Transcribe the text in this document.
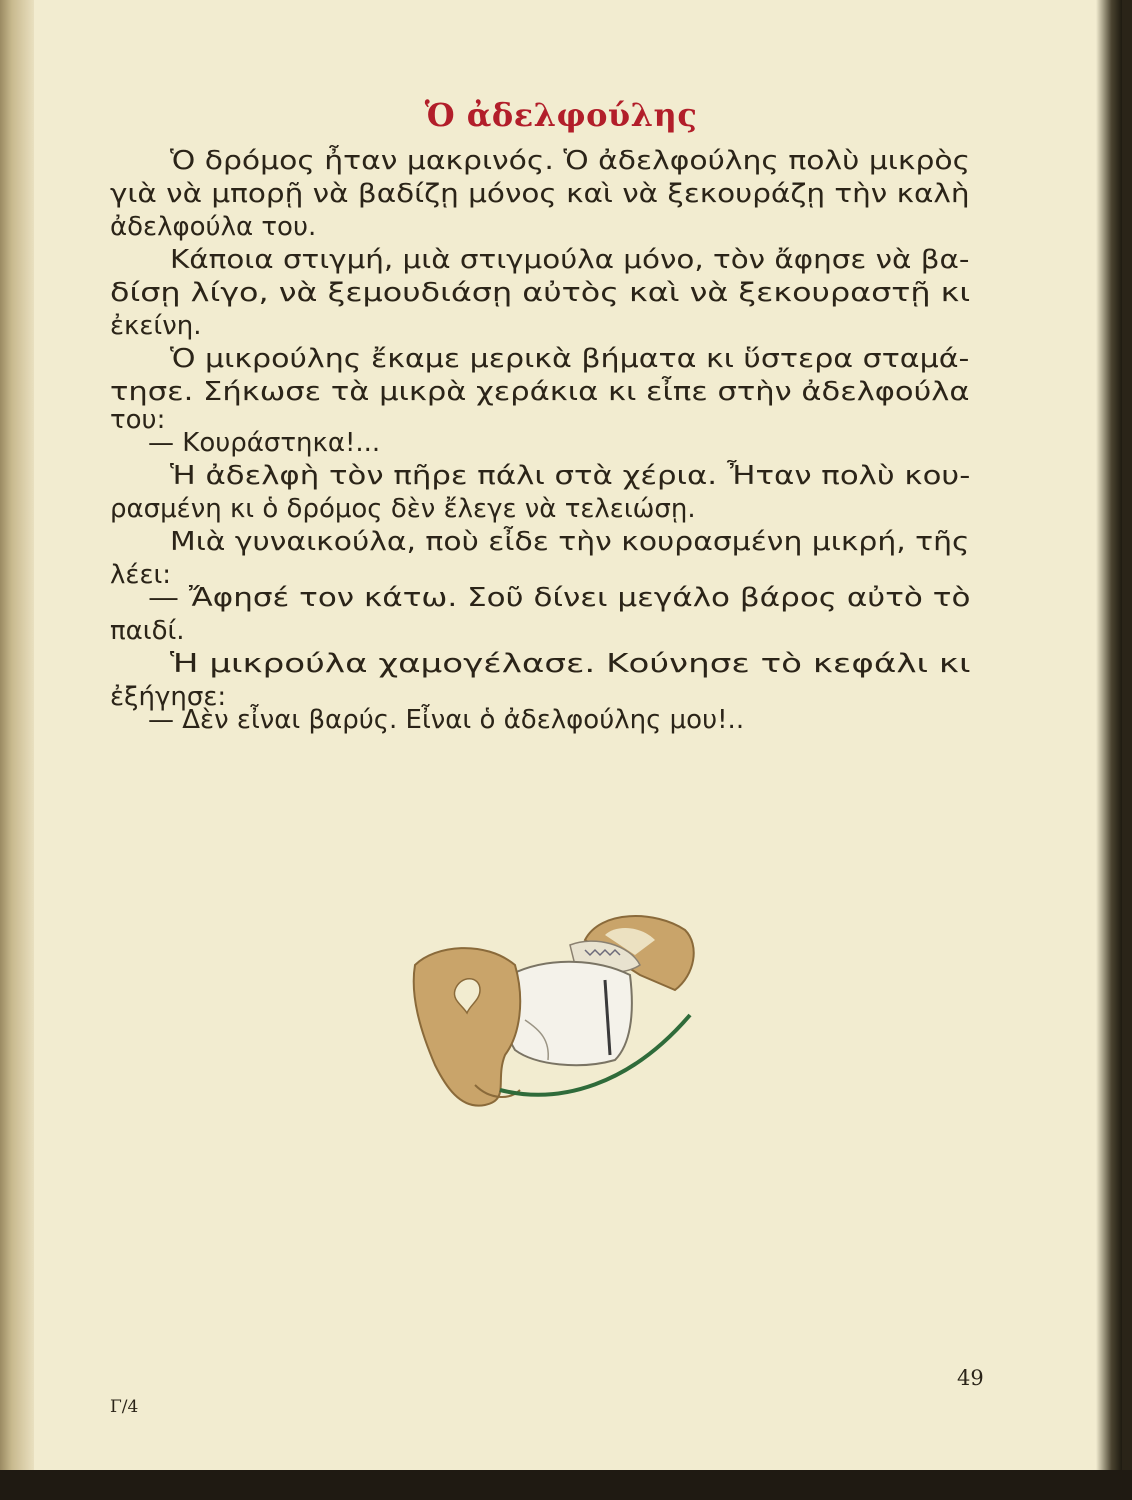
Ὁ ἀδελφούλης

Ὁ δρόμος ἦταν μακρινός. Ὁ ἀδελφούλης πολὺ μικρὸς

γιὰ νὰ μπορῇ νὰ βαδίζῃ μόνος καὶ νὰ ξεκουράζῃ τὴν καλὴ

ἀδελφούλα του.

Κάποια στιγμή, μιὰ στιγμούλα μόνο, τὸν ἄφησε νὰ βα-

δίσῃ λίγο, νὰ ξεμουδιάσῃ αὐτὸς καὶ νὰ ξεκουραστῇ κι

ἐκείνη.

Ὁ μικρούλης ἔκαμε μερικὰ βήματα κι ὕστερα σταμά-

τησε. Σήκωσε τὰ μικρὰ χεράκια κι εἶπε στὴν ἀδελφούλα

του:

— Κουράστηκα!...

Ἡ ἀδελφὴ τὸν πῆρε πάλι στὰ χέρια. Ἦταν πολὺ κου-

ρασμένη κι ὁ δρόμος δὲν ἔλεγε νὰ τελειώσῃ.

Μιὰ γυναικούλα, ποὺ εἶδε τὴν κουρασμένη μικρή, τῆς

λέει:

— Ἄφησέ τον κάτω. Σοῦ δίνει μεγάλο βάρος αὐτὸ τὸ

παιδί.

Ἡ μικρούλα χαμογέλασε. Κούνησε τὸ κεφάλι κι

ἐξήγησε:

— Δὲν εἶναι βαρύς. Εἶναι ὁ ἀδελφούλης μου!..

Γ/4

49
